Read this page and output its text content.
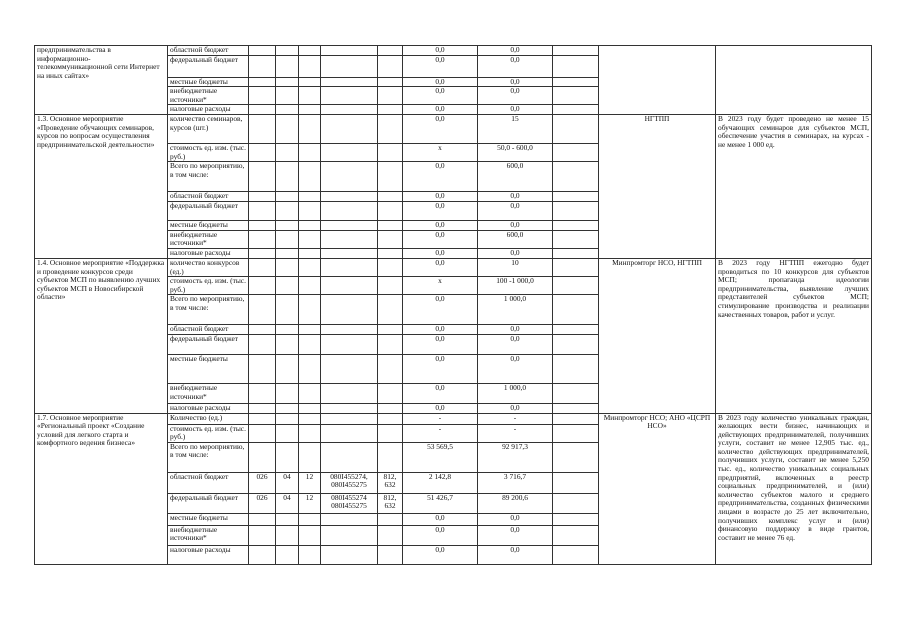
предпринимательства в информационно-телекоммуникационной сети Интернет на иных сайтах»	областной бюджет						0,0	0,0			
	федеральный бюджет						0,0	0,0			
	местные бюджеты						0,0	0,0			
	внебюджетные источники*						0,0	0,0			
	налоговые расходы						0,0	0,0			
1.3. Основное мероприятие «Проведение обучающих семинаров, курсов по вопросам осуществления предпринимательской деятельности»	количество семинаров, курсов (шт.)						0,0	15		НГТПП	В 2023 году будет проведено не менее 15 обучающих семинаров для субъектов МСП, обеспечение участия в семинарах, на курсах - не менее 1 000 ед.
	стоимость ед. изм. (тыс. руб.)						х	50,0 - 600,0			
	Всего по мероприятию, в том числе:						0,0	600,0			
	областной бюджет						0,0	0,0			
	федеральный бюджет						0,0	0,0			
	местные бюджеты						0,0	0,0			
	внебюджетные источники*						0,0	600,0			
	налоговые расходы						0,0	0,0			
1.4. Основное мероприятие «Поддержка и проведение конкурсов среди субъектов МСП по выявлению лучших субъектов МСП в Новосибирской области»	количество конкурсов (ед.)						0,0	10		Минпромторг НСО, НГТПП	В 2023 году НГТПП ежегодно будет проводиться по 10 конкурсов для субъектов МСП; пропаганда идеологии предпринимательства, выявление лучших представителей субъектов МСП; стимулирование производства и реализации качественных товаров, работ и услуг.
	стоимость ед. изм. (тыс. руб.)						х	100 -1 000,0			
	Всего по мероприятию, в том числе:						0,0	1 000,0			
	областной бюджет						0,0	0,0			
	федеральный бюджет						0,0	0,0			
	местные бюджеты						0,0	0,0			
	внебюджетные источники*						0,0	1 000,0			
	налоговые расходы						0,0	0,0			
1.7. Основное мероприятие «Региональный проект «Создание условий для легкого старта и комфортного ведения бизнеса»	Количество (ед.)						-	-		Минпромторг НСО; АНО «ЦСРП НСО»	В 2023 году количество уникальных граждан, желающих вести бизнес, начинающих и действующих предпринимателей, получивших услуги, составит не менее 12,905 тыс. ед., количество действующих предпринимателей, получивших услуги, составит не менее 5,250 тыс. ед., количество уникальных социальных предприятий, включенных в реестр социальных предпринимателей, и (или) количество субъектов малого и среднего предпринимательства, созданных физическими лицами в возрасте до 25 лет включительно, получивших комплекс услуг и (или) финансовую поддержку в виде грантов, составит не менее 76 ед.
	стоимость ед. изм. (тыс. руб.)						-	-			
	Всего по мероприятию, в том числе:						53 569,5	92 917,3			
	областной бюджет	026	04	12	080I455274, 080I455275	812, 632	2 142,8	3 716,7			
	федеральный бюджет	026	04	12	080I455274 080I455275	812, 632	51 426,7	89 200,6			
	местные бюджеты						0,0	0,0			
	внебюджетные источники*						0,0	0,0			
	налоговые расходы						0,0	0,0			
